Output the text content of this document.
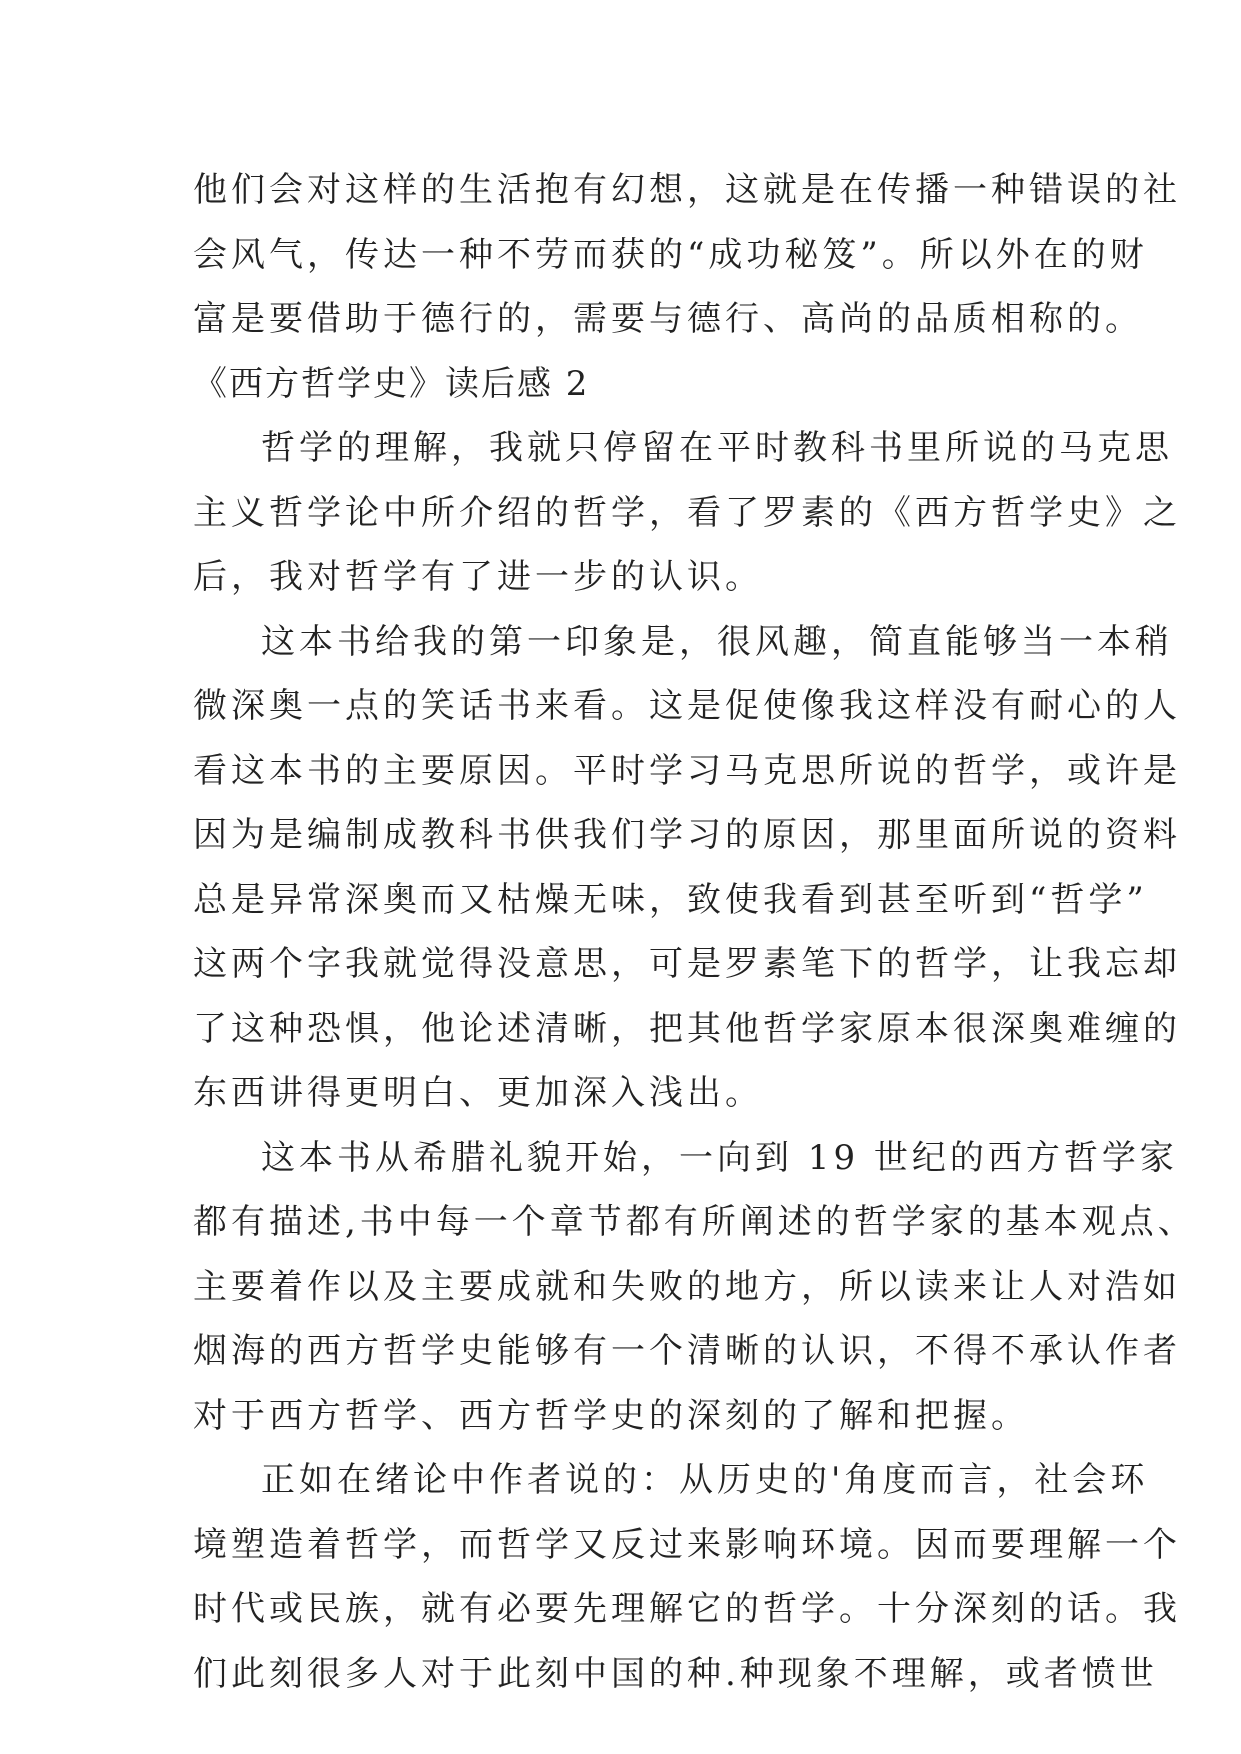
他们会对这样的生活抱有幻想，这就是在传播一种错误的社
会风气，传达一种不劳而获的“成功秘笈”。所以外在的财
富是要借助于德行的，需要与德行、高尚的品质相称的。
《西方哲学史》读后感 2
哲学的理解，我就只停留在平时教科书里所说的马克思
主义哲学论中所介绍的哲学，看了罗素的《西方哲学史》之
后，我对哲学有了进一步的认识。
这本书给我的第一印象是，很风趣，简直能够当一本稍
微深奥一点的笑话书来看。这是促使像我这样没有耐心的人
看这本书的主要原因。平时学习马克思所说的哲学，或许是
因为是编制成教科书供我们学习的原因，那里面所说的资料
总是异常深奥而又枯燥无味，致使我看到甚至听到“哲学”
这两个字我就觉得没意思，可是罗素笔下的哲学，让我忘却
了这种恐惧，他论述清晰，把其他哲学家原本很深奥难缠的
东西讲得更明白、更加深入浅出。
这本书从希腊礼貌开始，一向到 19 世纪的西方哲学家
都有描述,书中每一个章节都有所阐述的哲学家的基本观点、
主要着作以及主要成就和失败的地方，所以读来让人对浩如
烟海的西方哲学史能够有一个清晰的认识，不得不承认作者
对于西方哲学、西方哲学史的深刻的了解和把握。
正如在绪论中作者说的：从历史的'角度而言，社会环
境塑造着哲学，而哲学又反过来影响环境。因而要理解一个
时代或民族，就有必要先理解它的哲学。十分深刻的话。我
们此刻很多人对于此刻中国的种.种现象不理解，或者愤世
